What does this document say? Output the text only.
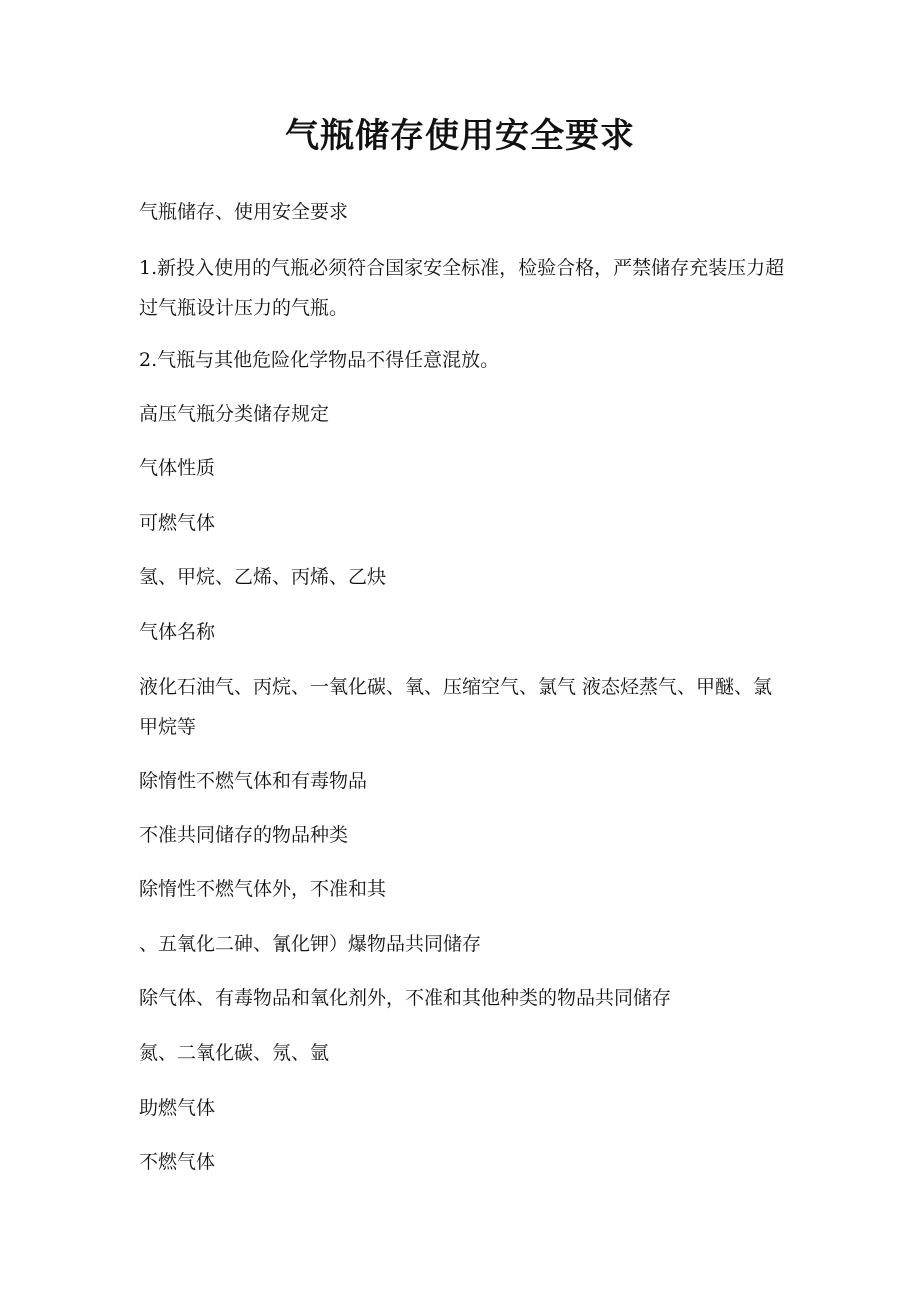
气瓶储存使用安全要求

气瓶储存、使用安全要求

1.新投入使用的气瓶必须符合国家安全标准，检验合格，严禁储存充装压力超过气瓶设计压力的气瓶。

2.气瓶与其他危险化学物品不得任意混放。

高压气瓶分类储存规定

气体性质

可燃气体

氢、甲烷、乙烯、丙烯、乙炔

气体名称

液化石油气、丙烷、一氧化碳、氧、压缩空气、氯气 液态烃蒸气、甲醚、氯甲烷等

除惰性不燃气体和有毒物品

不准共同储存的物品种类

除惰性不燃气体外，不准和其

、五氧化二砷、氰化钾）爆物品共同储存

除气体、有毒物品和氧化剂外，不准和其他种类的物品共同储存

氮、二氧化碳、氖、氩

助燃气体

不燃气体
